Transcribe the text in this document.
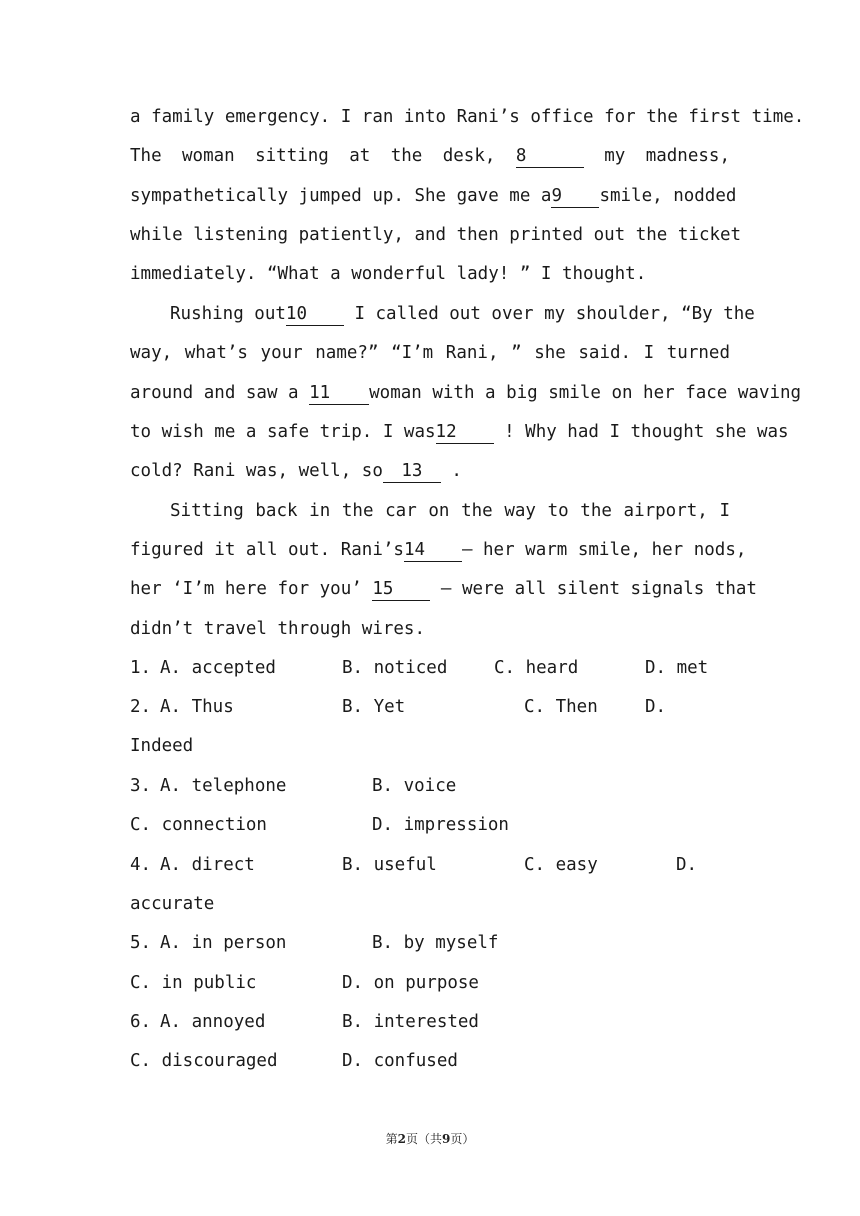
a family emergency. I ran into Rani’s office for the first time.
The woman sitting at the desk, 8	my madness,
sympathetically jumped up. She gave me a9 smile, nodded
while listening patiently, and then printed out the ticket
immediately. “What a wonderful lady! ” I thought.
Rushing out10	I called out over my shoulder, “By the
way, what’s your name?” “I’m Rani, ” she said. I turned
around and saw a 11 woman with a big smile on her face waving
to wish me a safe trip. I was12	! Why had I thought she was
cold? Rani was, well, so 13 .
Sitting back in the car on the way to the airport, I
figured it all out. Rani’s14 — her warm smile, her nods,
her ‘I’m here for you’ 15	— were all silent signals that
didn’t travel through wires.
1. A. accepted	B. noticed	C. heard	D. met
2. A. Thus	B. Yet	C. Then	D.
Indeed
3. A. telephone	B. voice
C. connection	D. impression
4. A. direct	B. useful	C. easy	D.
accurate
5. A. in person	B. by myself
C. in public	D. on purpose
6. A. annoyed	B. interested
C. discouraged	D. confused
第2页（共9页）
